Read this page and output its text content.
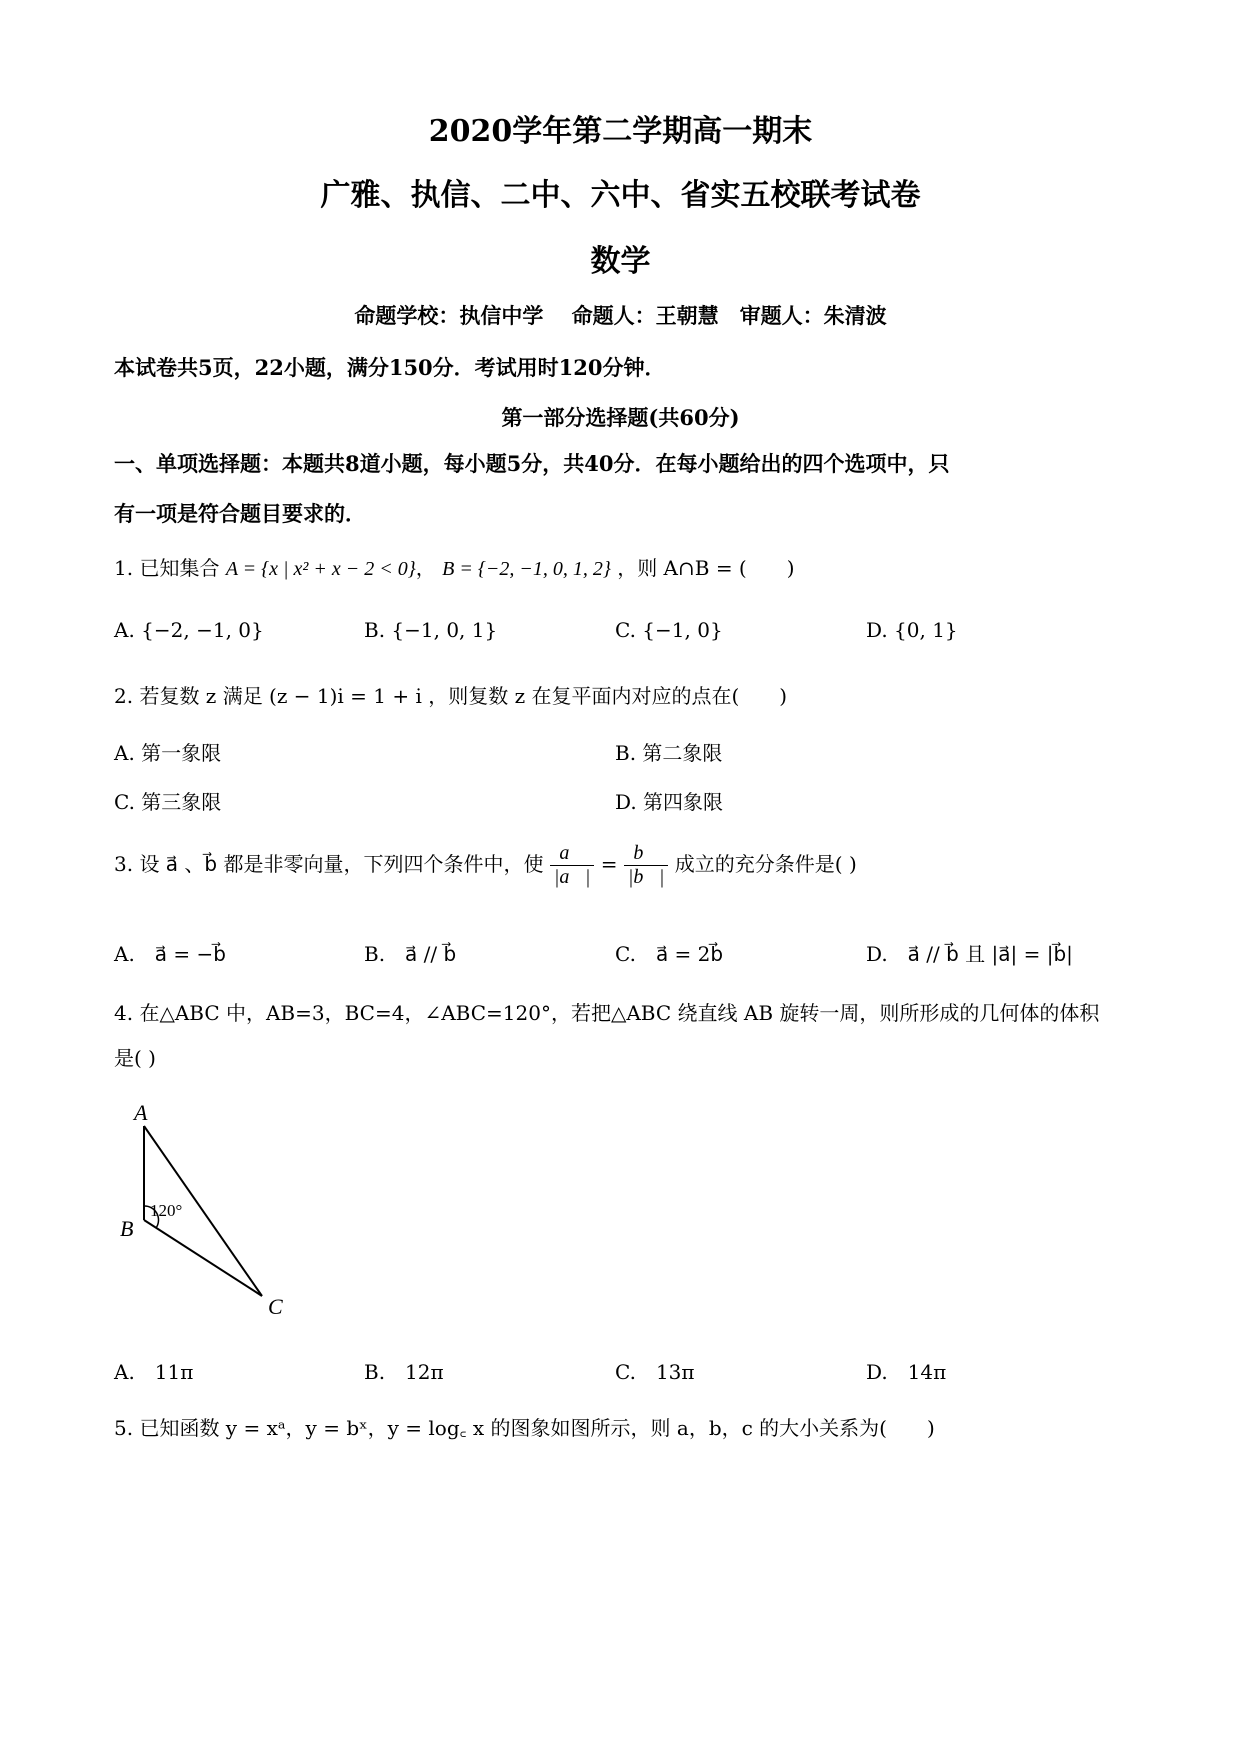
2020学年第二学期高一期末
广雅、执信、二中、六中、省实五校联考试卷
数学
命题学校：执信中学　 命题人：王朝慧　审题人：朱清波
本试卷共5页，22小题，满分150分．考试用时120分钟．
第一部分选择题(共60分)
一、单项选择题：本题共8道小题，每小题5分，共40分．在每小题给出的四个选项中，只
有一项是符合题目要求的．
1. 已知集合 A = {x | x² + x − 2 < 0}， B = {−2, −1, 0, 1, 2} ，则 A∩B = (　　)
A. {−2, −1, 0}	B. {−1, 0, 1}	C. {−1, 0}	D. {0, 1}
2. 若复数 z 满足 (z − 1)i = 1 + i ，则复数 z 在复平面内对应的点在(　　)
A. 第一象限	B. 第二象限
C. 第三象限	D. 第四象限
3. 设 a⃗ 、b⃗ 都是非零向量，下列四个条件中，使 $\frac{a⃗}{|a⃗|} = \frac{b⃗}{|b⃗|}$ 成立的充分条件是( )
A.　a⃗ = −b⃗	B.　a⃗ // b⃗	C.　a⃗ = 2b⃗	D.　a⃗ // b⃗ 且 |a⃗| = |b⃗|
4. 在△ABC 中，AB=3，BC=4，∠ABC=120°，若把△ABC 绕直线 AB 旋转一周，则所形成的几何体的体积
是( )
A
B
C
120°
A.　11π	B.　12π	C.　13π	D.　14π
5. 已知函数 y = xᵃ，y = bˣ，y = log꜀ x 的图象如图所示，则 a，b，c 的大小关系为(　　)
